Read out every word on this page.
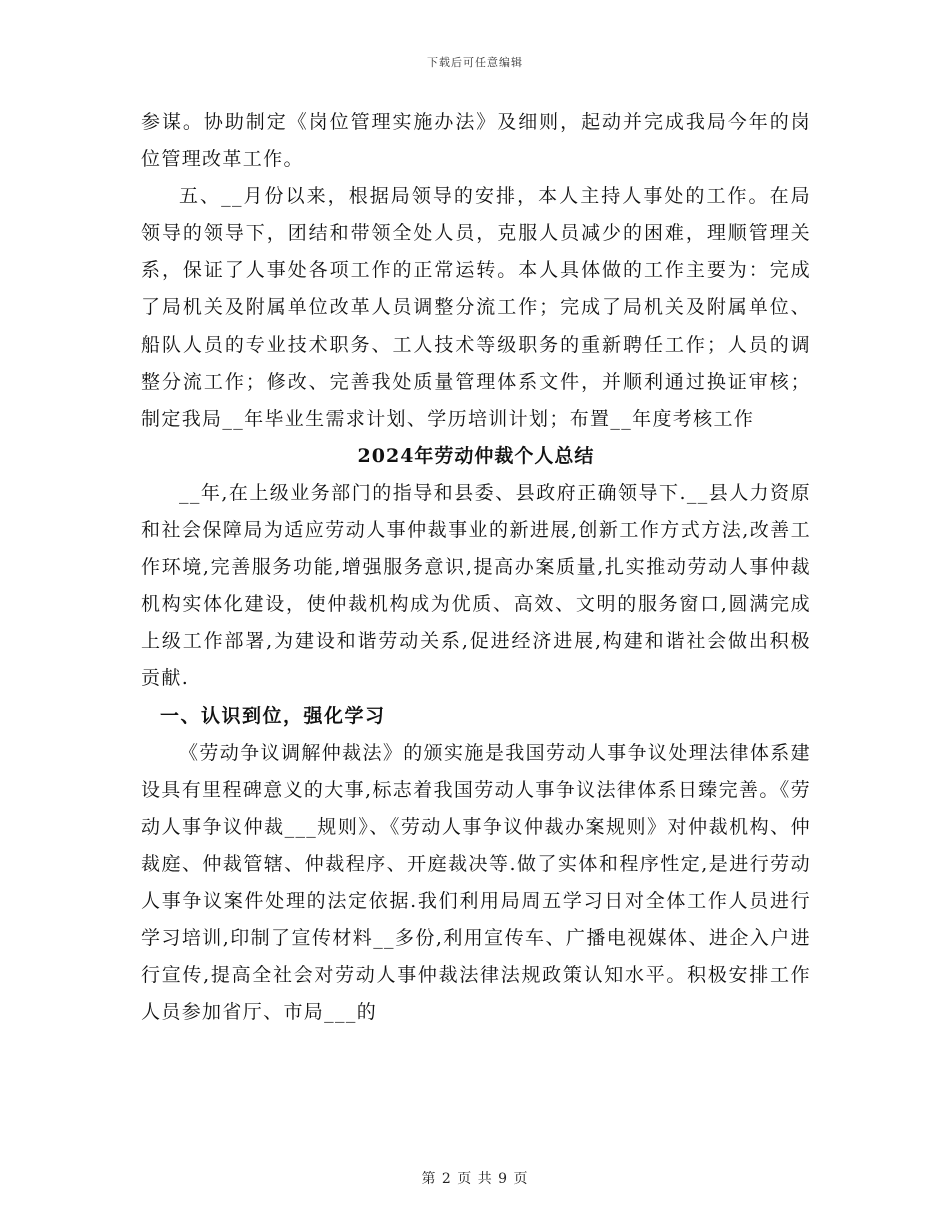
下载后可任意编辑

参谋。协助制定《岗位管理实施办法》及细则，起动并完成我局今年的岗位管理改革工作。

五、__月份以来，根据局领导的安排，本人主持人事处的工作。在局领导的领导下，团结和带领全处人员，克服人员减少的困难，理顺管理关系，保证了人事处各项工作的正常运转。本人具体做的工作主要为：完成了局机关及附属单位改革人员调整分流工作；完成了局机关及附属单位、船队人员的专业技术职务、工人技术等级职务的重新聘任工作；人员的调整分流工作；修改、完善我处质量管理体系文件，并顺利通过换证审核；制定我局__年毕业生需求计划、学历培训计划；布置__年度考核工作

2024年劳动仲裁个人总结

__年,在上级业务部门的指导和县委、县政府正确领导下.__县人力资原和社会保障局为适应劳动人事仲裁事业的新进展,创新工作方式方法,改善工作环境,完善服务功能,增强服务意识,提高办案质量,扎实推动劳动人事仲裁机构实体化建设，使仲裁机构成为优质、高效、文明的服务窗口,圆满完成上级工作部署,为建设和谐劳动关系,促进经济进展,构建和谐社会做出积极贡献.

一、认识到位，强化学习

《劳动争议调解仲裁法》的颁实施是我国劳动人事争议处理法律体系建设具有里程碑意义的大事,标志着我国劳动人事争议法律体系日臻完善。《劳动人事争议仲裁___规则》、《劳动人事争议仲裁办案规则》对仲裁机构、仲裁庭、仲裁管辖、仲裁程序、开庭裁决等.做了实体和程序性定,是进行劳动人事争议案件处理的法定依据.我们利用局周五学习日对全体工作人员进行学习培训,印制了宣传材料__多份,利用宣传车、广播电视媒体、进企入户进行宣传,提高全社会对劳动人事仲裁法律法规政策认知水平。积极安排工作人员参加省厅、市局___的

第 2 页 共 9 页
